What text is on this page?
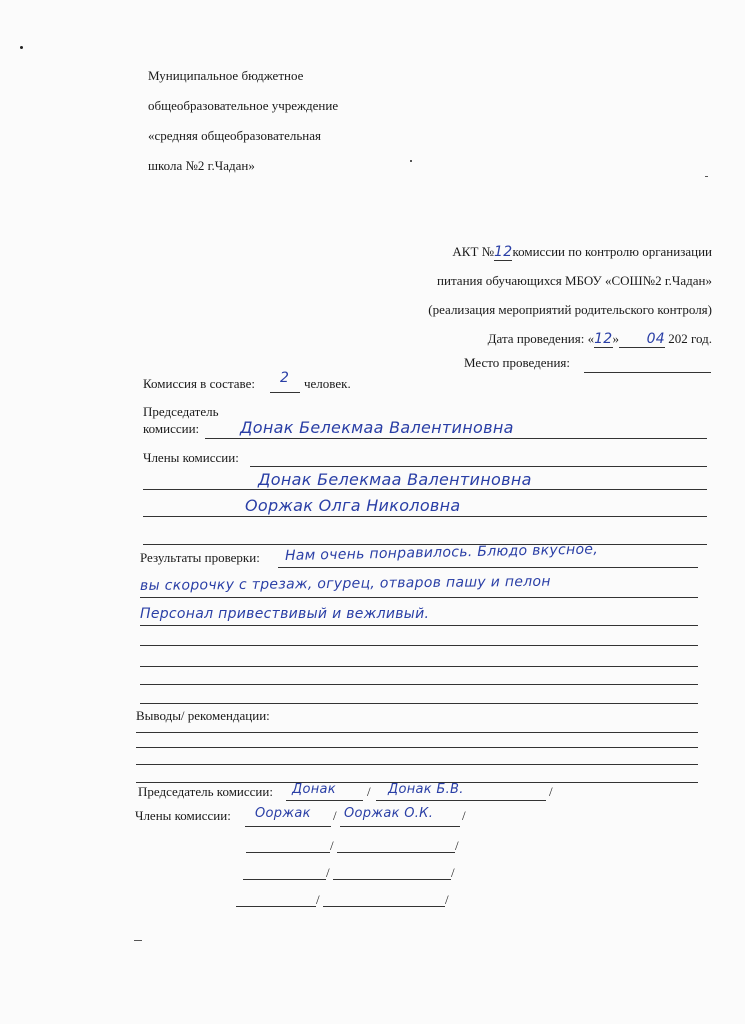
Муниципальное бюджетное
общеобразовательное учреждение
«средняя общеобразовательная
школа №2 г.Чадан»
АКТ №12комиссии по контролю организации
питания обучающихся МБОУ «СОШ№2 г.Чадан»
(реализация мероприятий родительского контроля)
Дата проведения: «12» 04 202 год.
Место проведения:
Комиссия в составе: 2 человек.
Председатель
комиссии:	Донак Белекмаа Валентиновна
Члены комиссии:
Донак Белекмаа Валентиновна
Ооржак Олга Николовна
Результаты проверки: Нам очень понравилось. Блюдо вкусное,
вы скорочку с трезаж, огурец, отваров пашу и пелон
Персонал привествивый и вежливый.
Выводы/ рекомендации:
Председатель комиссии: Донак / Донак Б.В.	/
Члены комиссии: Ооржак / Ооржак О.К. /
/	/
/	/
/	/
